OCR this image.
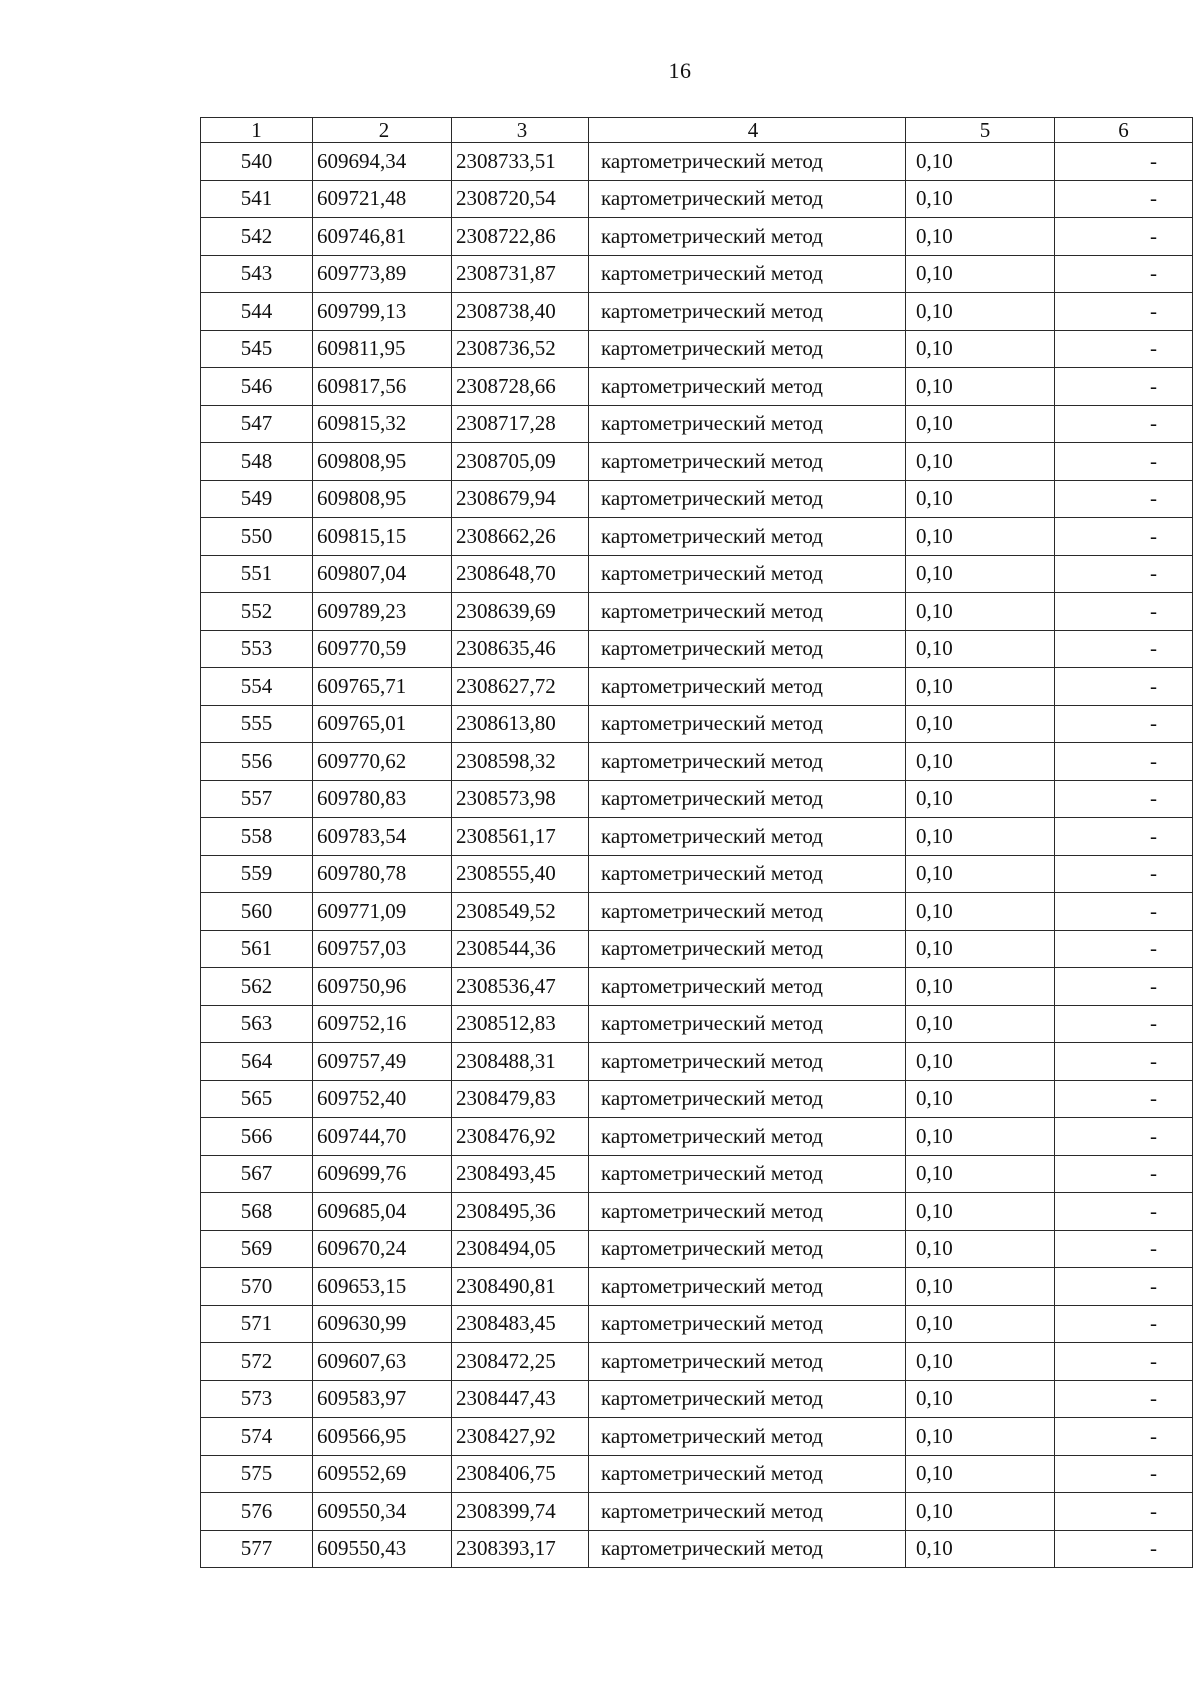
16
1	2	3	4	5	6
540	609694,34	2308733,51	картометрический метод	0,10	-
541	609721,48	2308720,54	картометрический метод	0,10	-
542	609746,81	2308722,86	картометрический метод	0,10	-
543	609773,89	2308731,87	картометрический метод	0,10	-
544	609799,13	2308738,40	картометрический метод	0,10	-
545	609811,95	2308736,52	картометрический метод	0,10	-
546	609817,56	2308728,66	картометрический метод	0,10	-
547	609815,32	2308717,28	картометрический метод	0,10	-
548	609808,95	2308705,09	картометрический метод	0,10	-
549	609808,95	2308679,94	картометрический метод	0,10	-
550	609815,15	2308662,26	картометрический метод	0,10	-
551	609807,04	2308648,70	картометрический метод	0,10	-
552	609789,23	2308639,69	картометрический метод	0,10	-
553	609770,59	2308635,46	картометрический метод	0,10	-
554	609765,71	2308627,72	картометрический метод	0,10	-
555	609765,01	2308613,80	картометрический метод	0,10	-
556	609770,62	2308598,32	картометрический метод	0,10	-
557	609780,83	2308573,98	картометрический метод	0,10	-
558	609783,54	2308561,17	картометрический метод	0,10	-
559	609780,78	2308555,40	картометрический метод	0,10	-
560	609771,09	2308549,52	картометрический метод	0,10	-
561	609757,03	2308544,36	картометрический метод	0,10	-
562	609750,96	2308536,47	картометрический метод	0,10	-
563	609752,16	2308512,83	картометрический метод	0,10	-
564	609757,49	2308488,31	картометрический метод	0,10	-
565	609752,40	2308479,83	картометрический метод	0,10	-
566	609744,70	2308476,92	картометрический метод	0,10	-
567	609699,76	2308493,45	картометрический метод	0,10	-
568	609685,04	2308495,36	картометрический метод	0,10	-
569	609670,24	2308494,05	картометрический метод	0,10	-
570	609653,15	2308490,81	картометрический метод	0,10	-
571	609630,99	2308483,45	картометрический метод	0,10	-
572	609607,63	2308472,25	картометрический метод	0,10	-
573	609583,97	2308447,43	картометрический метод	0,10	-
574	609566,95	2308427,92	картометрический метод	0,10	-
575	609552,69	2308406,75	картометрический метод	0,10	-
576	609550,34	2308399,74	картометрический метод	0,10	-
577	609550,43	2308393,17	картометрический метод	0,10	-
